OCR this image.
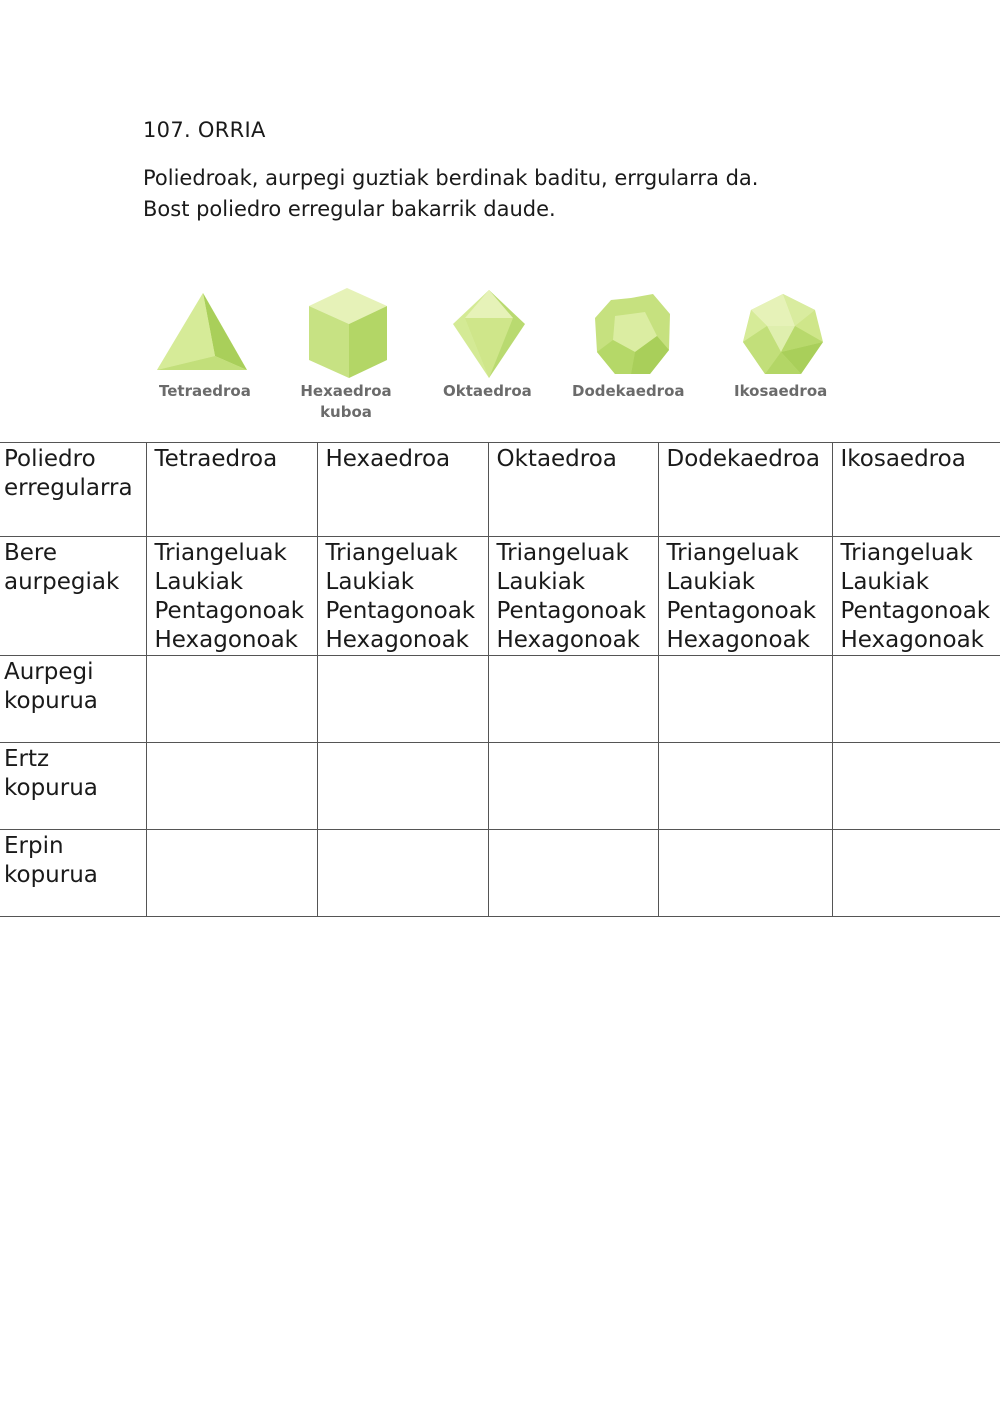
107. ORRIA
Poliedroak, aurpegi guztiak berdinak baditu, errgularra da.
Bost poliedro erregular bakarrik daude.
Tetraedroa	Hexaedroa
kuboa
Oktaedroa	Dodekaedroa	Ikosaedroa
Poliedro erregularra	Tetraedroa	Hexaedroa	Oktaedroa	Dodekaedroa	Ikosaedroa
Bere aurpegiak	Triangeluak
Laukiak
Pentagonoak
Hexagonoak	Triangeluak
Laukiak
Pentagonoak
Hexagonoak	Triangeluak
Laukiak
Pentagonoak
Hexagonoak	Triangeluak
Laukiak
Pentagonoak
Hexagonoak	Triangeluak
Laukiak
Pentagonoak
Hexagonoak

Aurpegi kopurua					
Ertz kopurua					
Erpin kopurua					
